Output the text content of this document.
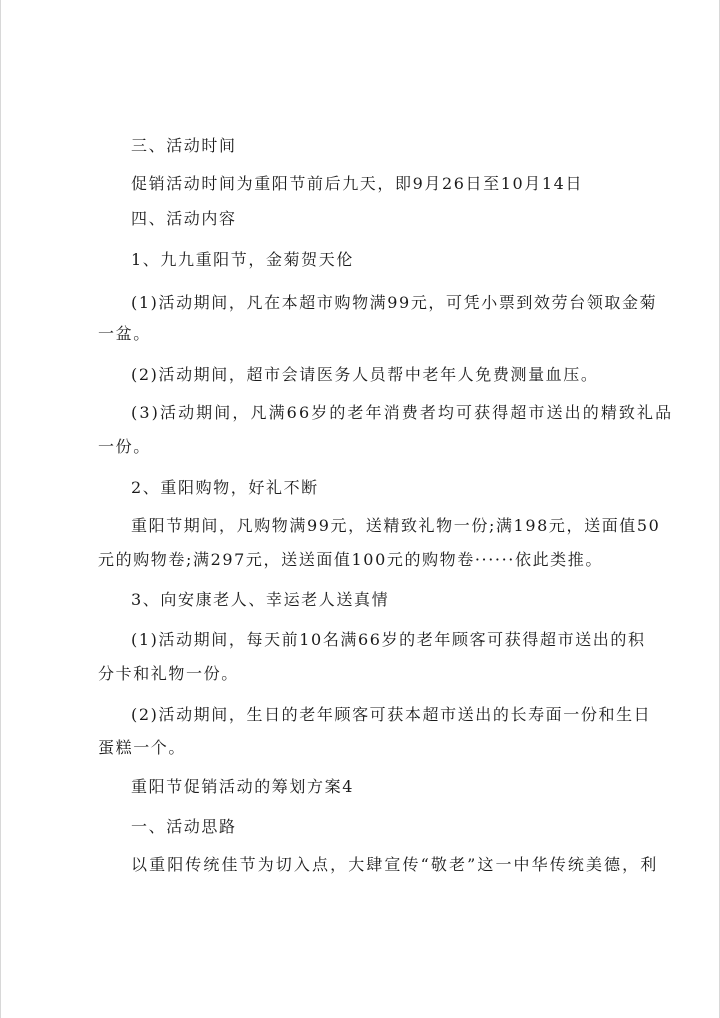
三、活动时间
促销活动时间为重阳节前后九天，即9月26日至10月14日
四、活动内容
1、九九重阳节，金菊贺天伦
(1)活动期间，凡在本超市购物满99元，可凭小票到效劳台领取金菊
一盆。
(2)活动期间，超市会请医务人员帮中老年人免费测量血压。
(3)活动期间，凡满66岁的老年消费者均可获得超市送出的精致礼品
一份。
2、重阳购物，好礼不断
重阳节期间，凡购物满99元，送精致礼物一份;满198元，送面值50
元的购物卷;满297元，送送面值100元的购物卷······依此类推。
3、向安康老人、幸运老人送真情
(1)活动期间，每天前10名满66岁的老年顾客可获得超市送出的积
分卡和礼物一份。
(2)活动期间，生日的老年顾客可获本超市送出的长寿面一份和生日
蛋糕一个。
重阳节促销活动的筹划方案4
一、活动思路
以重阳传统佳节为切入点，大肆宣传“敬老”这一中华传统美德，利
